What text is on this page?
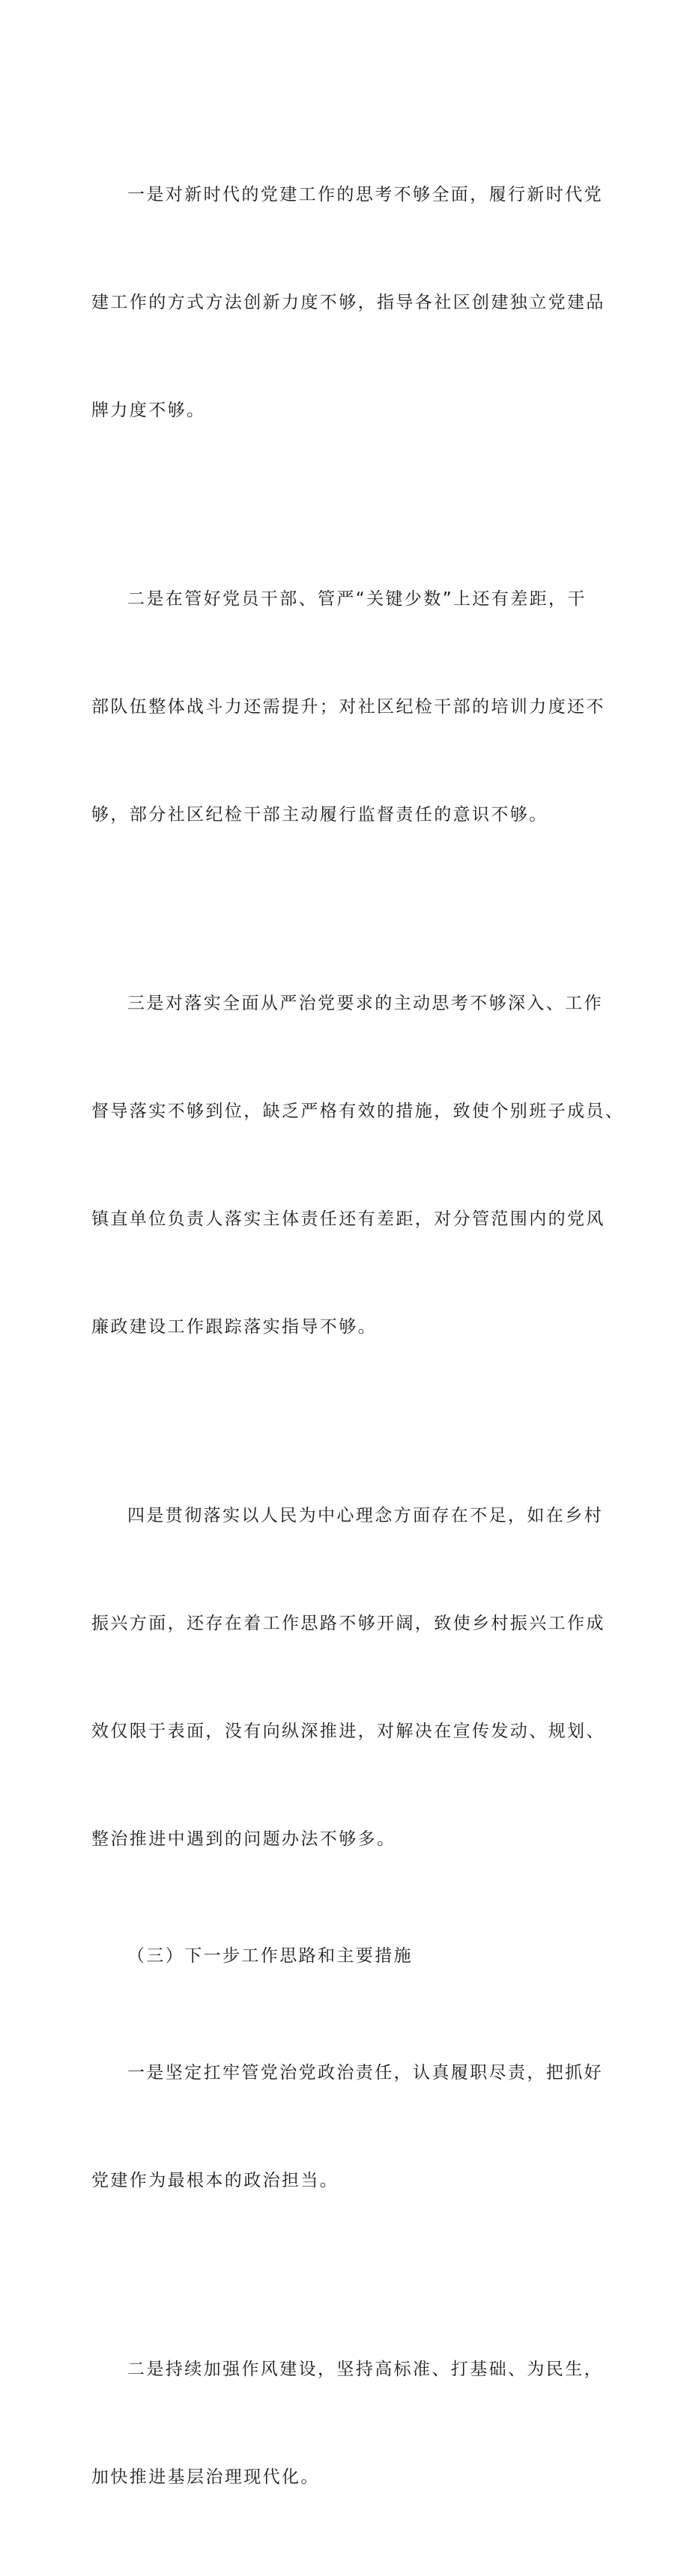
一是对新时代的党建工作的思考不够全面，履行新时代党

建工作的方式方法创新力度不够，指导各社区创建独立党建品

牌力度不够。

二是在管好党员干部、管严“关键少数”上还有差距，干

部队伍整体战斗力还需提升；对社区纪检干部的培训力度还不

够，部分社区纪检干部主动履行监督责任的意识不够。

三是对落实全面从严治党要求的主动思考不够深入、工作

督导落实不够到位，缺乏严格有效的措施，致使个别班子成员、

镇直单位负责人落实主体责任还有差距，对分管范围内的党风

廉政建设工作跟踪落实指导不够。

四是贯彻落实以人民为中心理念方面存在不足，如在乡村

振兴方面，还存在着工作思路不够开阔，致使乡村振兴工作成

效仅限于表面，没有向纵深推进，对解决在宣传发动、规划、

整治推进中遇到的问题办法不够多。

（三）下一步工作思路和主要措施

一是坚定扛牢管党治党政治责任，认真履职尽责，把抓好

党建作为最根本的政治担当。

二是持续加强作风建设，坚持高标准、打基础、为民生，

加快推进基层治理现代化。
